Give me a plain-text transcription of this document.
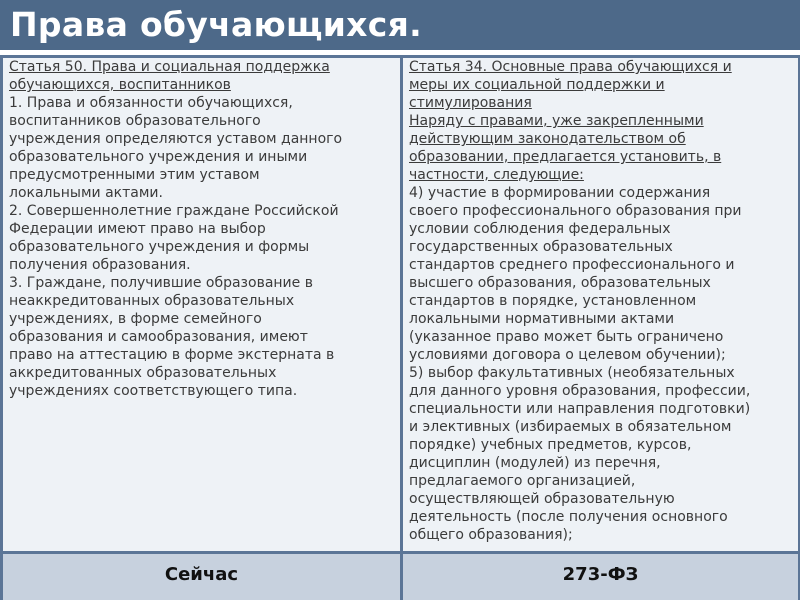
Права обучающихся.
Статья 50. Права и социальная поддержка
обучающихся, воспитанников
1. Права и обязанности обучающихся,
воспитанников образовательного
учреждения определяются уставом данного
образовательного учреждения и иными
предусмотренными этим уставом
локальными актами.
2. Совершеннолетние граждане Российской
Федерации имеют право на выбор
образовательного учреждения и формы
получения образования.
3. Граждане, получившие образование в
неаккредитованных образовательных
учреждениях, в форме семейного
образования и самообразования, имеют
право на аттестацию в форме экстерната в
аккредитованных образовательных
учреждениях соответствующего типа.
Статья 34. Основные права обучающихся и
меры их социальной поддержки и
стимулирования
Наряду с правами, уже закрепленными
действующим законодательством об
образовании, предлагается установить, в
частности, следующие:
4) участие в формировании содержания
своего профессионального образования при
условии соблюдения федеральных
государственных образовательных
стандартов среднего профессионального и
высшего образования, образовательных
стандартов в порядке, установленном
локальными нормативными актами
(указанное право может быть ограничено
условиями договора о целевом обучении);
5) выбор факультативных (необязательных
для данного уровня образования, профессии,
специальности или направления подготовки)
и элективных (избираемых в обязательном
порядке) учебных предметов, курсов,
дисциплин (модулей) из перечня,
предлагаемого организацией,
осуществляющей образовательную
деятельность (после получения основного
общего образования);
Сейчас	273-ФЗ
